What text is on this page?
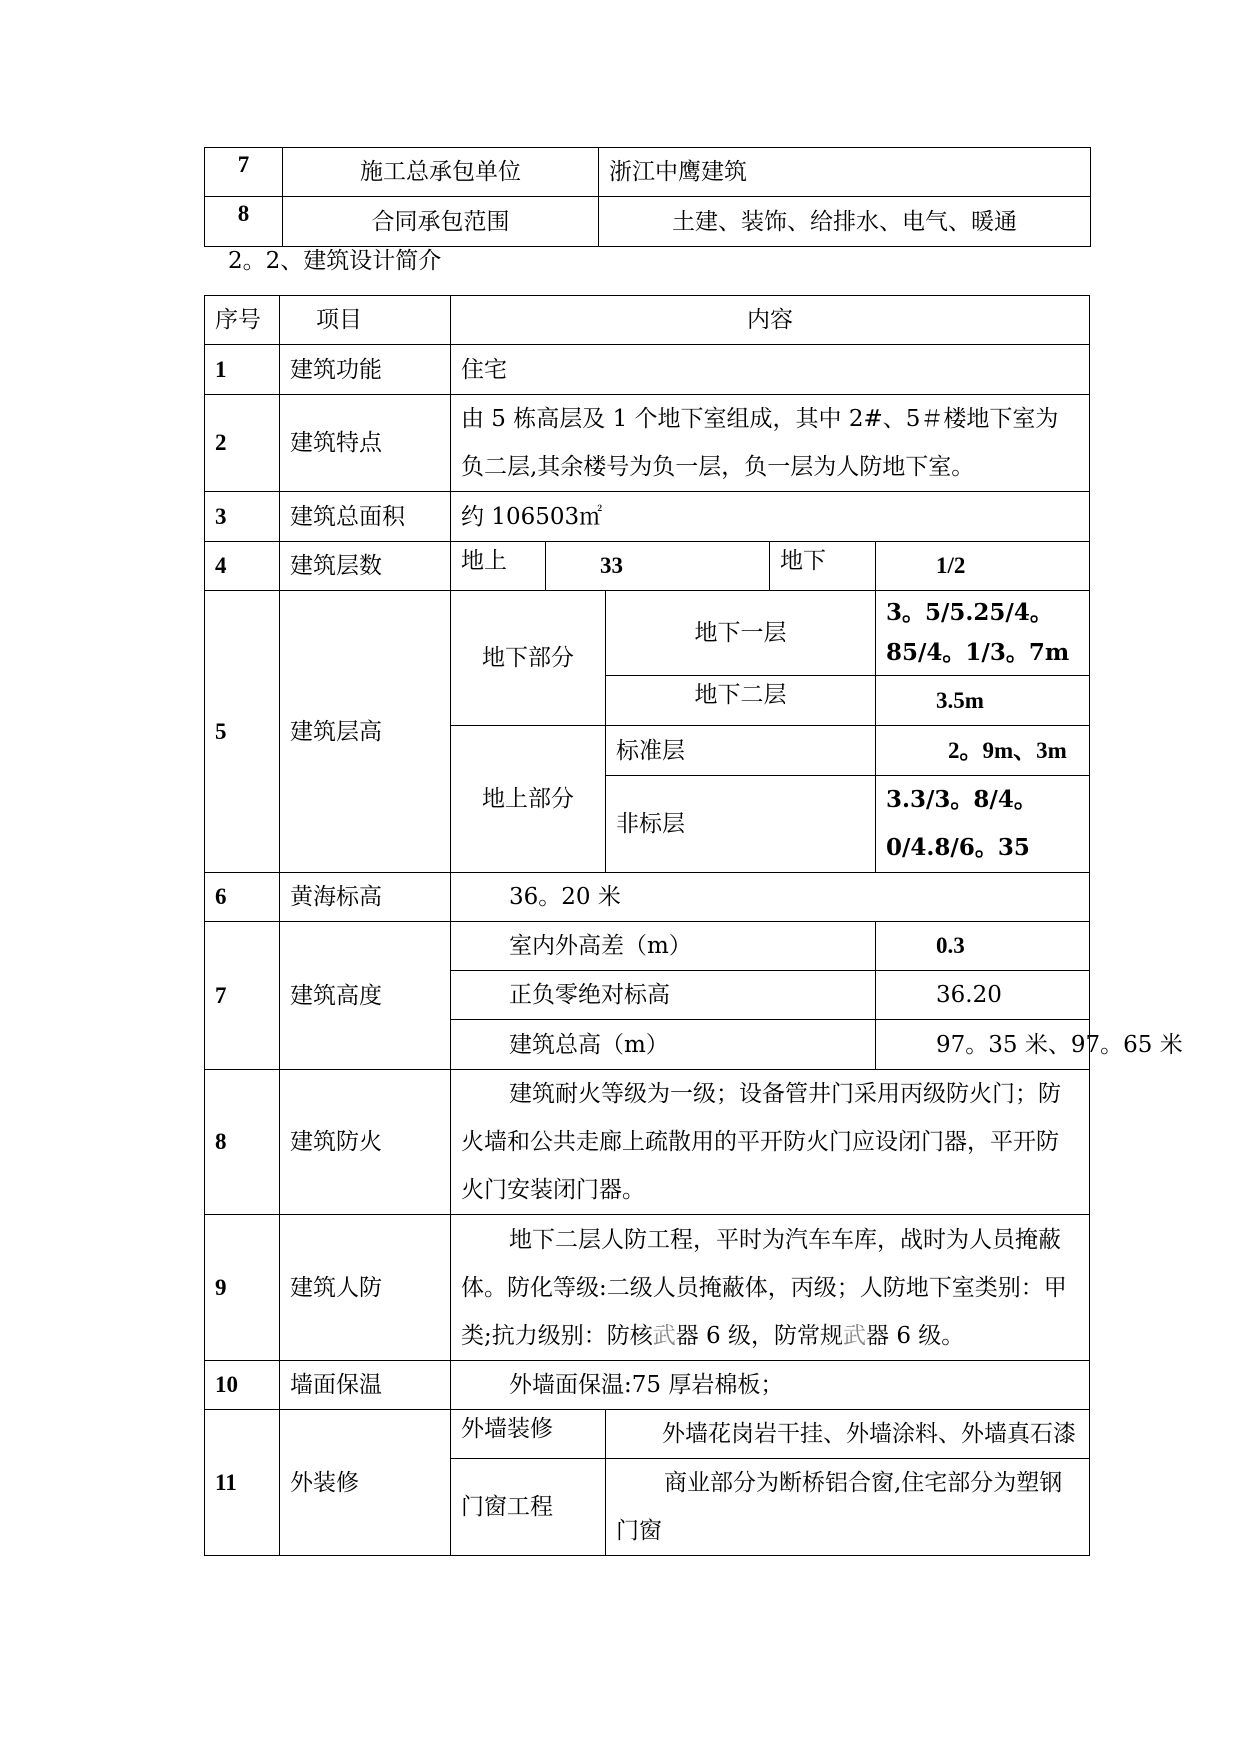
7	施工总承包单位	浙江中鹰建筑
8	合同承包范围	土建、装饰、给排水、电气、暖通
2。2、建筑设计简介
序号	项目	内容				
1	建筑功能	住宅				
2	建筑特点	由 5 栋高层及 1 个地下室组成，其中 2#、5＃楼地下室为负二层,其余楼号为负一层，负一层为人防地下室。				
3	建筑总面积	约 106503㎡				
4	建筑层数	地上	33		地下	1/2
5	建筑层高	地下部分		地下一层		3。5/5.25/4。85/4。1/3。7m
				地下二层		3.5m
		地上部分		标准层		2。9m、3m
				非标层		3.3/3。8/4。0/4.8/6。35
6	黄海标高	36。20 米				
7	建筑高度	室内外高差（m）				0.3
		正负零绝对标高				36.20
		建筑总高（m）				97。35 米、97。65 米
8	建筑防火	建筑耐火等级为一级；设备管井门采用丙级防火门；防火墙和公共走廊上疏散用的平开防火门应设闭门器，平开防火门安装闭门器。				
9	建筑人防	地下二层人防工程，平时为汽车车库，战时为人员掩蔽体。防化等级:二级人员掩蔽体，丙级；人防地下室类别：甲类;抗力级别：防核武器 6 级，防常规武器 6 级。				
10	墙面保温	外墙面保温:75 厚岩棉板；				
11	外装修	外墙装修		外墙花岗岩干挂、外墙涂料、外墙真石漆		
		门窗工程		商业部分为断桥铝合窗,住宅部分为塑钢门窗		
